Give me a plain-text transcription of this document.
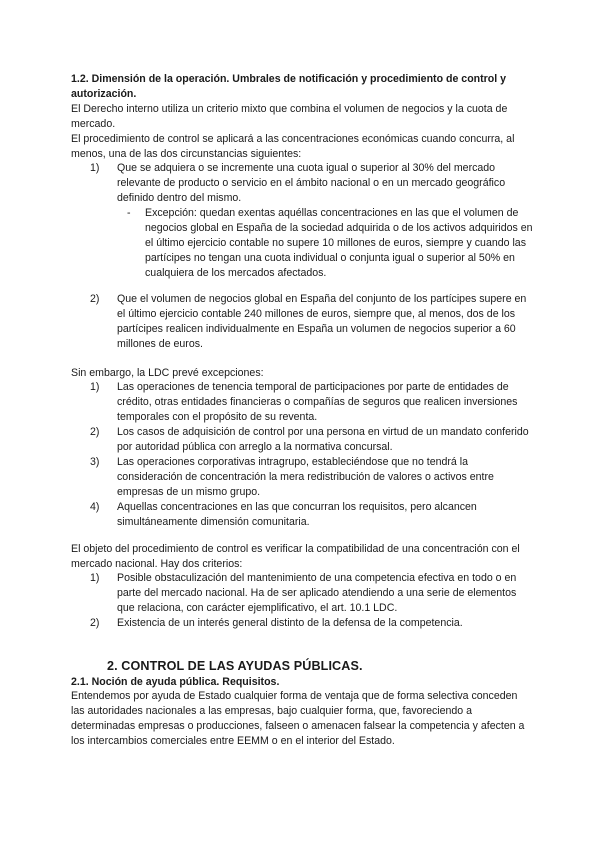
1.2. Dimensión de la operación. Umbrales de notificación y procedimiento de control y autorización.

El Derecho interno utiliza un criterio mixto que combina el volumen de negocios y la cuota de mercado.

El procedimiento de control se aplicará a las concentraciones económicas cuando concurra, al menos, una de las dos circunstancias siguientes:

1) Que se adquiera o se incremente una cuota igual o superior al 30% del mercado relevante de producto o servicio en el ámbito nacional o en un mercado geográfico definido dentro del mismo.
- Excepción: quedan exentas aquéllas concentraciones en las que el volumen de negocios global en España de la sociedad adquirida o de los activos adquiridos en el último ejercicio contable no supere 10 millones de euros, siempre y cuando las partícipes no tengan una cuota individual o conjunta igual o superior al 50% en cualquiera de los mercados afectados.
2) Que el volumen de negocios global en España del conjunto de los partícipes supere en el último ejercicio contable 240 millones de euros, siempre que, al menos, dos de los partícipes realicen individualmente en España un volumen de negocios superior a 60 millones de euros.

Sin embargo, la LDC prevé excepciones:

1) Las operaciones de tenencia temporal de participaciones por parte de entidades de crédito, otras entidades financieras o compañías de seguros que realicen inversiones temporales con el propósito de su reventa.
2) Los casos de adquisición de control por una persona en virtud de un mandato conferido por autoridad pública con arreglo a la normativa concursal.
3) Las operaciones corporativas intragrupo, estableciéndose que no tendrá la consideración de concentración la mera redistribución de valores o activos entre empresas de un mismo grupo.
4) Aquellas concentraciones en las que concurran los requisitos, pero alcancen simultáneamente dimensión comunitaria.

El objeto del procedimiento de control es verificar la compatibilidad de una concentración con el mercado nacional. Hay dos criterios:

1) Posible obstaculización del mantenimiento de una competencia efectiva en todo o en parte del mercado nacional. Ha de ser aplicado atendiendo a una serie de elementos que relaciona, con carácter ejemplificativo, el art. 10.1 LDC.
2) Existencia de un interés general distinto de la defensa de la competencia.
2. CONTROL DE LAS AYUDAS PÚBLICAS.
2.1. Noción de ayuda pública. Requisitos.

Entendemos por ayuda de Estado cualquier forma de ventaja que de forma selectiva conceden las autoridades nacionales a las empresas, bajo cualquier forma, que, favoreciendo a determinadas empresas o producciones, falseen o amenacen falsear la competencia y afecten a los intercambios comerciales entre EEMM o en el interior del Estado.
